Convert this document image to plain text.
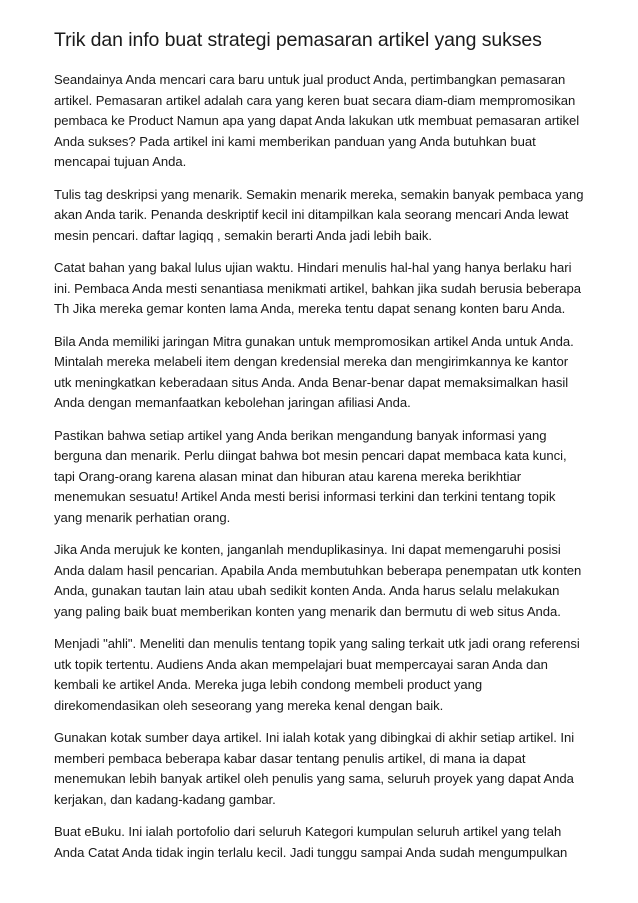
Trik dan info buat strategi pemasaran artikel yang sukses

Seandainya Anda mencari cara baru untuk jual product Anda, pertimbangkan pemasaran artikel. Pemasaran artikel adalah cara yang keren buat secara diam-diam mempromosikan pembaca ke Product Namun apa yang dapat Anda lakukan utk membuat pemasaran artikel Anda sukses? Pada artikel ini kami memberikan panduan yang Anda butuhkan buat mencapai tujuan Anda.

Tulis tag deskripsi yang menarik. Semakin menarik mereka, semakin banyak pembaca yang akan Anda tarik. Penanda deskriptif kecil ini ditampilkan kala seorang mencari Anda lewat mesin pencari. daftar lagiqq , semakin berarti Anda jadi lebih baik.

Catat bahan yang bakal lulus ujian waktu. Hindari menulis hal-hal yang hanya berlaku hari ini. Pembaca Anda mesti senantiasa menikmati artikel, bahkan jika sudah berusia beberapa Th Jika mereka gemar konten lama Anda, mereka tentu dapat senang konten baru Anda.

Bila Anda memiliki jaringan Mitra gunakan untuk mempromosikan artikel Anda untuk Anda. Mintalah mereka melabeli item dengan kredensial mereka dan mengirimkannya ke kantor utk meningkatkan keberadaan situs Anda. Anda Benar-benar dapat memaksimalkan hasil Anda dengan memanfaatkan kebolehan jaringan afiliasi Anda.

Pastikan bahwa setiap artikel yang Anda berikan mengandung banyak informasi yang berguna dan menarik. Perlu diingat bahwa bot mesin pencari dapat membaca kata kunci, tapi Orang-orang karena alasan minat dan hiburan atau karena mereka berikhtiar menemukan sesuatu! Artikel Anda mesti berisi informasi terkini dan terkini tentang topik yang menarik perhatian orang.

Jika Anda merujuk ke konten, janganlah menduplikasinya. Ini dapat memengaruhi posisi Anda dalam hasil pencarian. Apabila Anda membutuhkan beberapa penempatan utk konten Anda, gunakan tautan lain atau ubah sedikit konten Anda. Anda harus selalu melakukan yang paling baik buat memberikan konten yang menarik dan bermutu di web situs Anda.

Menjadi "ahli". Meneliti dan menulis tentang topik yang saling terkait utk jadi orang referensi utk topik tertentu. Audiens Anda akan mempelajari buat mempercayai saran Anda dan kembali ke artikel Anda. Mereka juga lebih condong membeli product yang direkomendasikan oleh seseorang yang mereka kenal dengan baik.

Gunakan kotak sumber daya artikel. Ini ialah kotak yang dibingkai di akhir setiap artikel. Ini memberi pembaca beberapa kabar dasar tentang penulis artikel, di mana ia dapat menemukan lebih banyak artikel oleh penulis yang sama, seluruh proyek yang dapat Anda kerjakan, dan kadang-kadang gambar.

Buat eBuku. Ini ialah portofolio dari seluruh Kategori kumpulan seluruh artikel yang telah Anda Catat Anda tidak ingin terlalu kecil. Jadi tunggu sampai Anda sudah mengumpulkan
